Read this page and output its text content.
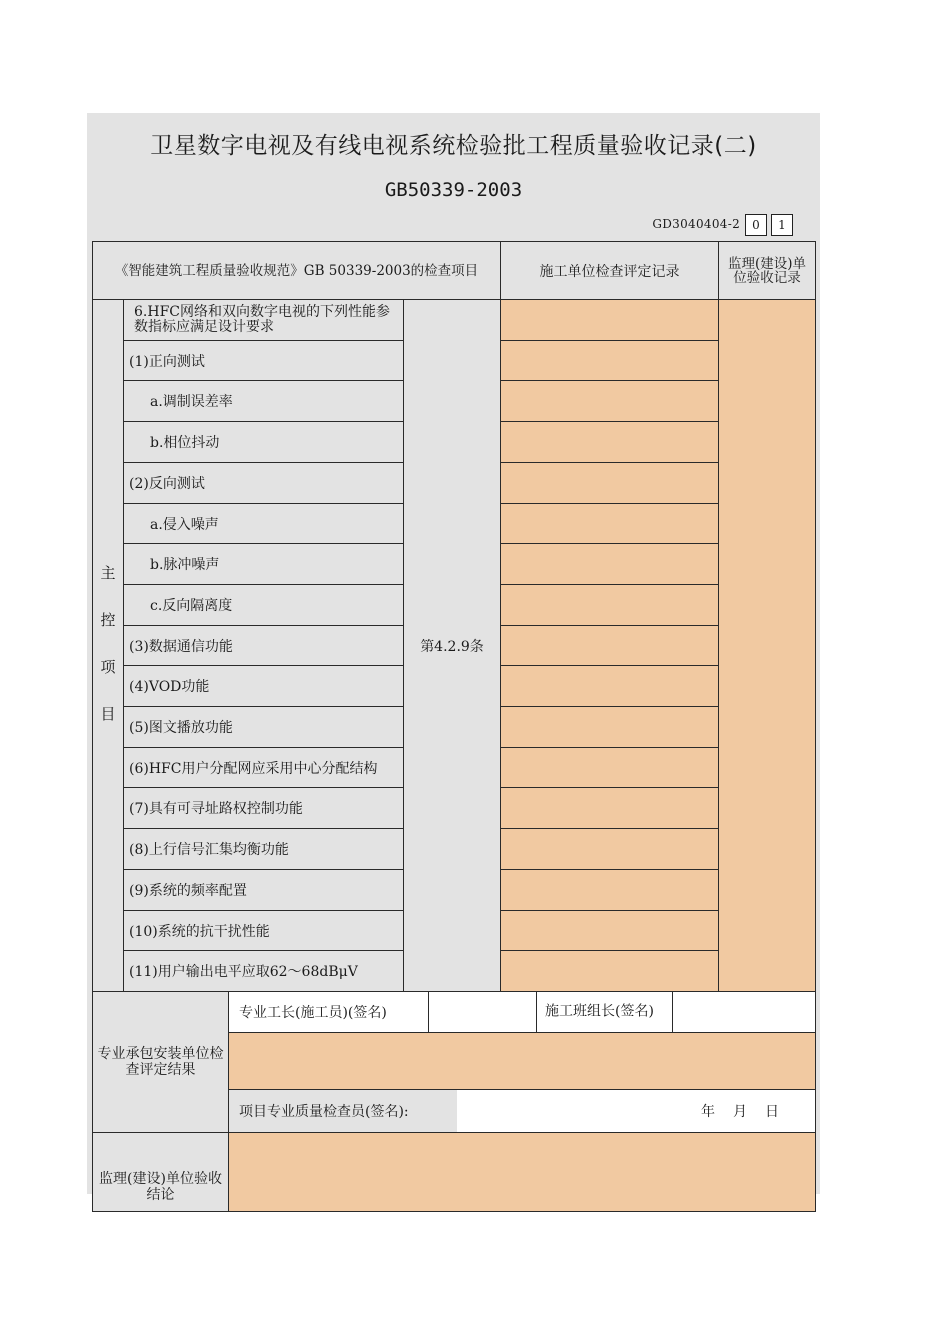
卫星数字电视及有线电视系统检验批工程质量验收记录(二)
GB50339-2003
GD3040404-2	0	1
《智能建筑工程质量验收规范》GB 50339-2003的检查项目	施工单位检查评定记录	监理(建设)单位验收记录
主
控
项
目
第4.2.9条
6.HFC网络和双向数字电视的下列性能参数指标应满足设计要求
(1)正向测试
a.调制误差率
b.相位抖动
(2)反向测试
a.侵入噪声
b.脉冲噪声
c.反向隔离度
(3)数据通信功能
(4)VOD功能
(5)图文播放功能
(6)HFC用户分配网应采用中心分配结构
(7)具有可寻址路权控制功能
(8)上行信号汇集均衡功能
(9)系统的频率配置
(10)系统的抗干扰性能
(11)用户输出电平应取62～68dBμV
专业承包安装单位检查评定结果
专业工长(施工员)(签名)	施工班组长(签名)
项目专业质量检查员(签名):	年　月　日
监理(建设)单位验收结论
